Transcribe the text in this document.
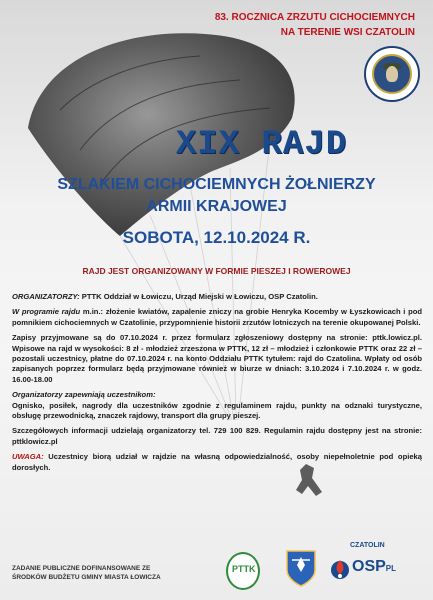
83. ROCZNICA ZRZUTU CICHOCIEMNYCH
NA TERENIE WSI CZATOLIN
XIX RAJD
SZLAKIEM CICHOCIEMNYCH ŻOŁNIERZY
ARMII KRAJOWEJ
SOBOTA, 12.10.2024 R.
RAJD JEST ORGANIZOWANY W FORMIE PIESZEJ I ROWEROWEJ

ORGANIZATORZY: PTTK Oddział w Łowiczu, Urząd Miejski w Łowiczu, OSP Czatolin.

W programie rajdu m.in.: złożenie kwiatów, zapalenie zniczy na grobie Henryka Kocemby w Łyszkowicach i pod pomnikiem cichociemnych w Czatolinie, przypomnienie historii zrzutów lotniczych na terenie okupowanej Polski.

Zapisy przyjmowane są do 07.10.2024 r. przez formularz zgłoszeniowy dostępny na stronie: pttk.lowicz.pl. Wpisowe na rajd w wysokości: 8 zł - młodzież zrzeszona w PTTK, 12 zł – młodzież i członkowie PTTK oraz 22 zł – pozostali uczestnicy, płatne do 07.10.2024 r. na konto Oddziału PTTK tytułem: rajd do Czatolina. Wpłaty od osób zapisanych poprzez formularz będą przyjmowane również w biurze w dniach: 3.10.2024 i 7.10.2024 r. w godz. 16.00-18.00

Organizatorzy zapewniają uczestnikom:
Ognisko, posiłek, nagrody dla uczestników zgodnie z regulaminem rajdu, punkty na odznaki turystyczne, obsługę przewodnicką, znaczek rajdowy, transport dla grupy pieszej.

Szczegółowych informacji udzielają organizatorzy tel. 729 100 829. Regulamin rajdu dostępny jest na stronie: pttklowicz.pl

UWAGA: Uczestnicy biorą udział w rajdzie na własną odpowiedzialność, osoby niepełnoletnie pod opieką dorosłych.

ZADANIE PUBLICZNE DOFINANSOWANE ZE
ŚRODKÓW BUDŻETU GMINY MIASTA ŁOWICZA
PTTK
CZATOLIN
OSPPL
